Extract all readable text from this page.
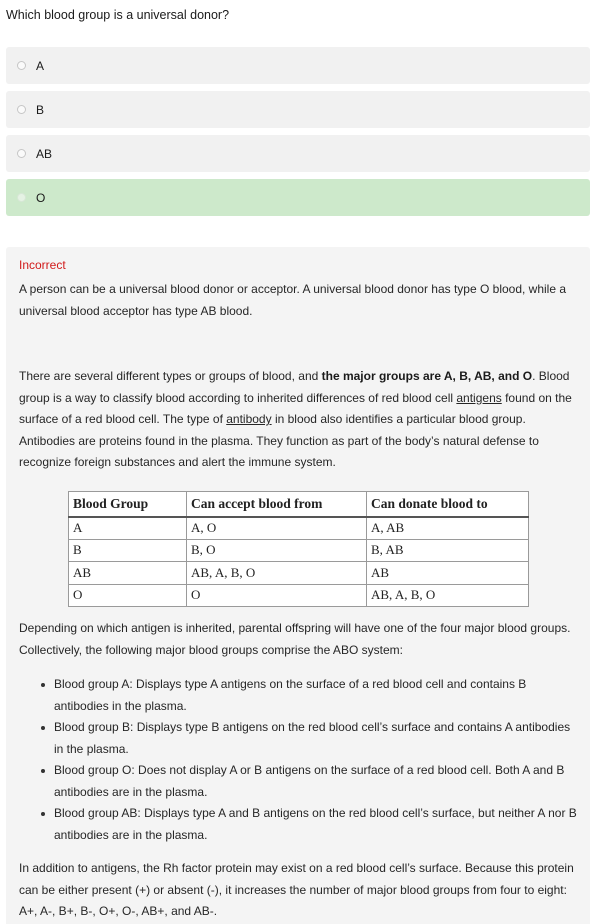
Which blood group is a universal donor?
A
B
AB
O
Incorrect
A person can be a universal blood donor or acceptor. A universal blood donor has type O blood, while a universal blood acceptor has type AB blood.
There are several different types or groups of blood, and the major groups are A, B, AB, and O. Blood group is a way to classify blood according to inherited differences of red blood cell antigens found on the surface of a red blood cell. The type of antibody in blood also identifies a particular blood group. Antibodies are proteins found in the plasma. They function as part of the body’s natural defense to recognize foreign substances and alert the immune system.
Depending on which antigen is inherited, parental offspring will have one of the four major blood groups. Collectively, the following major blood groups comprise the ABO system:
In addition to antigens, the Rh factor protein may exist on a red blood cell’s surface. Because this protein can be either present (+) or absent (-), it increases the number of major blood groups from four to eight: A+, A-, B+, B-, O+, O-, AB+, and AB-.
Blood Group	Can accept blood from	Can donate blood to
A	A, O	A, AB
B	B, O	B, AB
AB	AB, A, B, O	AB
O	O	AB, A, B, O
Blood group A: Displays type A antigens on the surface of a red blood cell and contains B antibodies in the plasma.
Blood group B: Displays type B antigens on the red blood cell’s surface and contains A antibodies in the plasma.
Blood group O: Does not display A or B antigens on the surface of a red blood cell. Both A and B antibodies are in the plasma.
Blood group AB: Displays type A and B antigens on the red blood cell’s surface, but neither A nor B antibodies are in the plasma.
